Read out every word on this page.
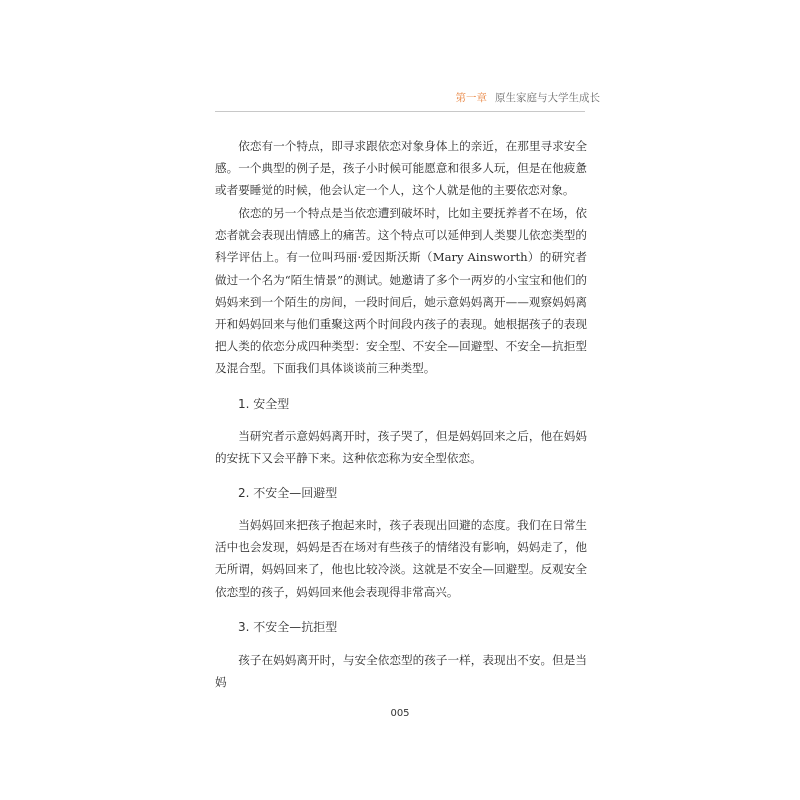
第一章 原生家庭与大学生成长

依恋有一个特点，即寻求跟依恋对象身体上的亲近，在那里寻求安全感。一个典型的例子是，孩子小时候可能愿意和很多人玩，但是在他疲惫或者要睡觉的时候，他会认定一个人，这个人就是他的主要依恋对象。

依恋的另一个特点是当依恋遭到破坏时，比如主要抚养者不在场，依恋者就会表现出情感上的痛苦。这个特点可以延伸到人类婴儿依恋类型的科学评估上。有一位叫玛丽·爱因斯沃斯（Mary Ainsworth）的研究者做过一个名为“陌生情景”的测试。她邀请了多个一两岁的小宝宝和他们的妈妈来到一个陌生的房间，一段时间后，她示意妈妈离开——观察妈妈离开和妈妈回来与他们重聚这两个时间段内孩子的表现。她根据孩子的表现把人类的依恋分成四种类型：安全型、不安全—回避型、不安全—抗拒型及混合型。下面我们具体谈谈前三种类型。

1. 安全型

当研究者示意妈妈离开时，孩子哭了，但是妈妈回来之后，他在妈妈的安抚下又会平静下来。这种依恋称为安全型依恋。

2. 不安全—回避型

当妈妈回来把孩子抱起来时，孩子表现出回避的态度。我们在日常生活中也会发现，妈妈是否在场对有些孩子的情绪没有影响，妈妈走了，他无所谓，妈妈回来了，他也比较冷淡。这就是不安全—回避型。反观安全依恋型的孩子，妈妈回来他会表现得非常高兴。

3. 不安全—抗拒型

孩子在妈妈离开时，与安全依恋型的孩子一样，表现出不安。但是当妈

005
